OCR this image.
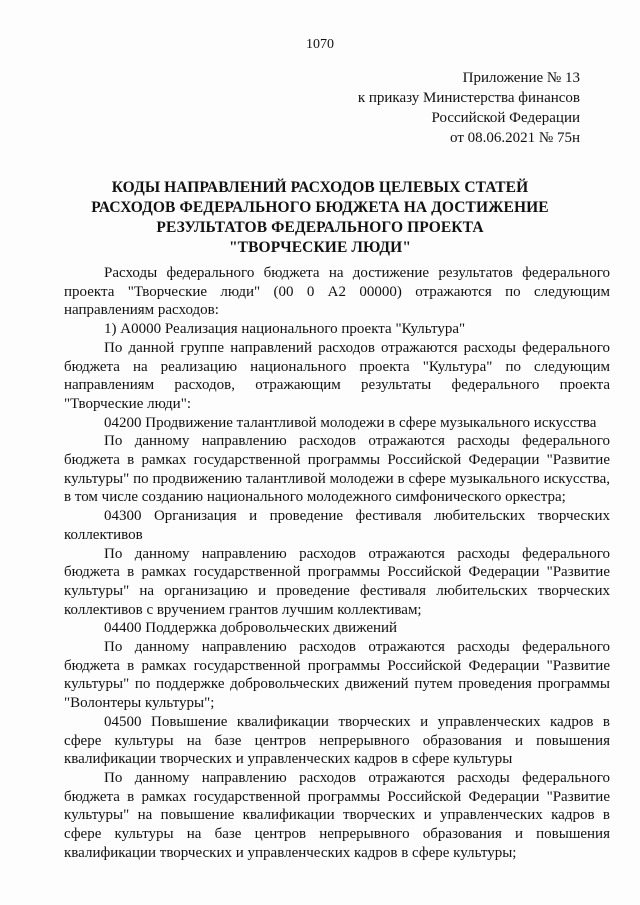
1070
Приложение № 13
к приказу Министерства финансов
Российской Федерации
от 08.06.2021 № 75н
КОДЫ НАПРАВЛЕНИЙ РАСХОДОВ ЦЕЛЕВЫХ СТАТЕЙ
РАСХОДОВ ФЕДЕРАЛЬНОГО БЮДЖЕТА НА ДОСТИЖЕНИЕ
РЕЗУЛЬТАТОВ ФЕДЕРАЛЬНОГО ПРОЕКТА
"ТВОРЧЕСКИЕ ЛЮДИ"

Расходы федерального бюджета на достижение результатов федерального проекта "Творческие люди" (00 0 А2 00000) отражаются по следующим направлениям расходов:

1) А0000 Реализация национального проекта "Культура"

По данной группе направлений расходов отражаются расходы федерального бюджета на реализацию национального проекта "Культура" по следующим направлениям расходов, отражающим результаты федерального проекта "Творческие люди":

04200 Продвижение талантливой молодежи в сфере музыкального искусства

По данному направлению расходов отражаются расходы федерального бюджета в рамках государственной программы Российской Федерации "Развитие культуры" по продвижению талантливой молодежи в сфере музыкального искусства, в том числе созданию национального молодежного симфонического оркестра;

04300 Организация и проведение фестиваля любительских творческих коллективов

По данному направлению расходов отражаются расходы федерального бюджета в рамках государственной программы Российской Федерации "Развитие культуры" на организацию и проведение фестиваля любительских творческих коллективов с вручением грантов лучшим коллективам;

04400 Поддержка добровольческих движений

По данному направлению расходов отражаются расходы федерального бюджета в рамках государственной программы Российской Федерации "Развитие культуры" по поддержке добровольческих движений путем проведения программы "Волонтеры культуры";

04500 Повышение квалификации творческих и управленческих кадров в сфере культуры на базе центров непрерывного образования и повышения квалификации творческих и управленческих кадров в сфере культуры

По данному направлению расходов отражаются расходы федерального бюджета в рамках государственной программы Российской Федерации "Развитие культуры" на повышение квалификации творческих и управленческих кадров в сфере культуры на базе центров непрерывного образования и повышения квалификации творческих и управленческих кадров в сфере культуры;
